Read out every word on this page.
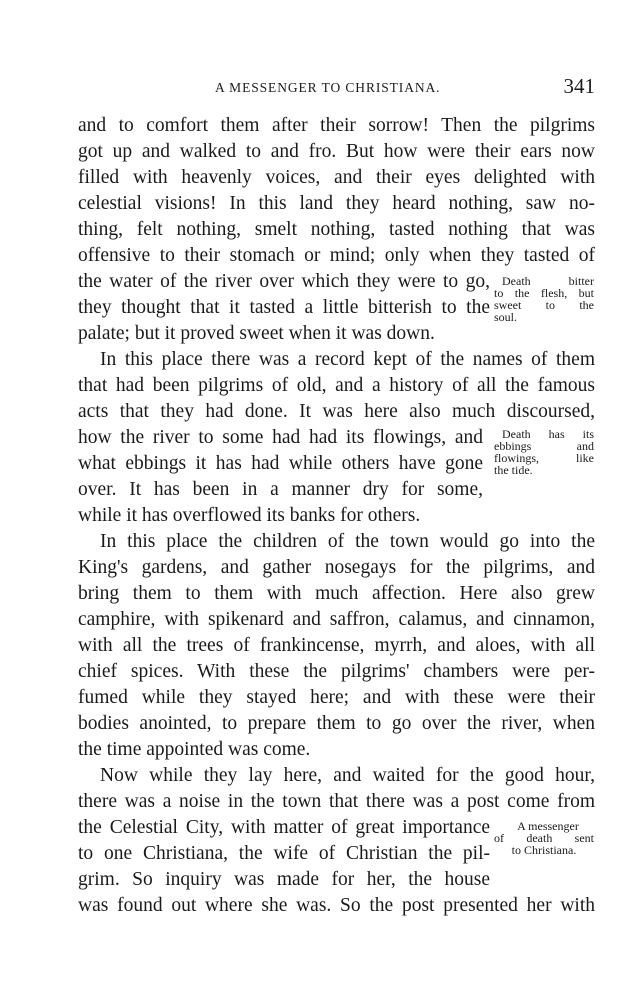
A MESSENGER TO CHRISTIANA.	341
and to comfort them after their sorrow! Then the pilgrims
got up and walked to and fro. But how were their ears now
filled with heavenly voices, and their eyes delighted with
celestial visions! In this land they heard nothing, saw no-
thing, felt nothing, smelt nothing, tasted nothing that was
offensive to their stomach or mind; only when they tasted of
the water of the river over which they were to go,
they thought that it tasted a little bitterish to the
palate; but it proved sweet when it was down.
In this place there was a record kept of the names of them
that had been pilgrims of old, and a history of all the famous
acts that they had done. It was here also much discoursed,
how the river to some had had its flowings, and
what ebbings it has had while others have gone
over. It has been in a manner dry for some,
while it has overflowed its banks for others.
In this place the children of the town would go into the
King's gardens, and gather nosegays for the pilgrims, and
bring them to them with much affection. Here also grew
camphire, with spikenard and saffron, calamus, and cinnamon,
with all the trees of frankincense, myrrh, and aloes, with all
chief spices. With these the pilgrims' chambers were per-
fumed while they stayed here; and with these were their
bodies anointed, to prepare them to go over the river, when
the time appointed was come.
Now while they lay here, and waited for the good hour,
there was a noise in the town that there was a post come from
the Celestial City, with matter of great importance
to one Christiana, the wife of Christian the pil-
grim. So inquiry was made for her, the house
was found out where she was. So the post presented her with
Death bitter
to the flesh, but
sweet to the
soul.
Death has its
ebbings and
flowings, like
the tide.
A messenger
of death sent
to Christiana.
